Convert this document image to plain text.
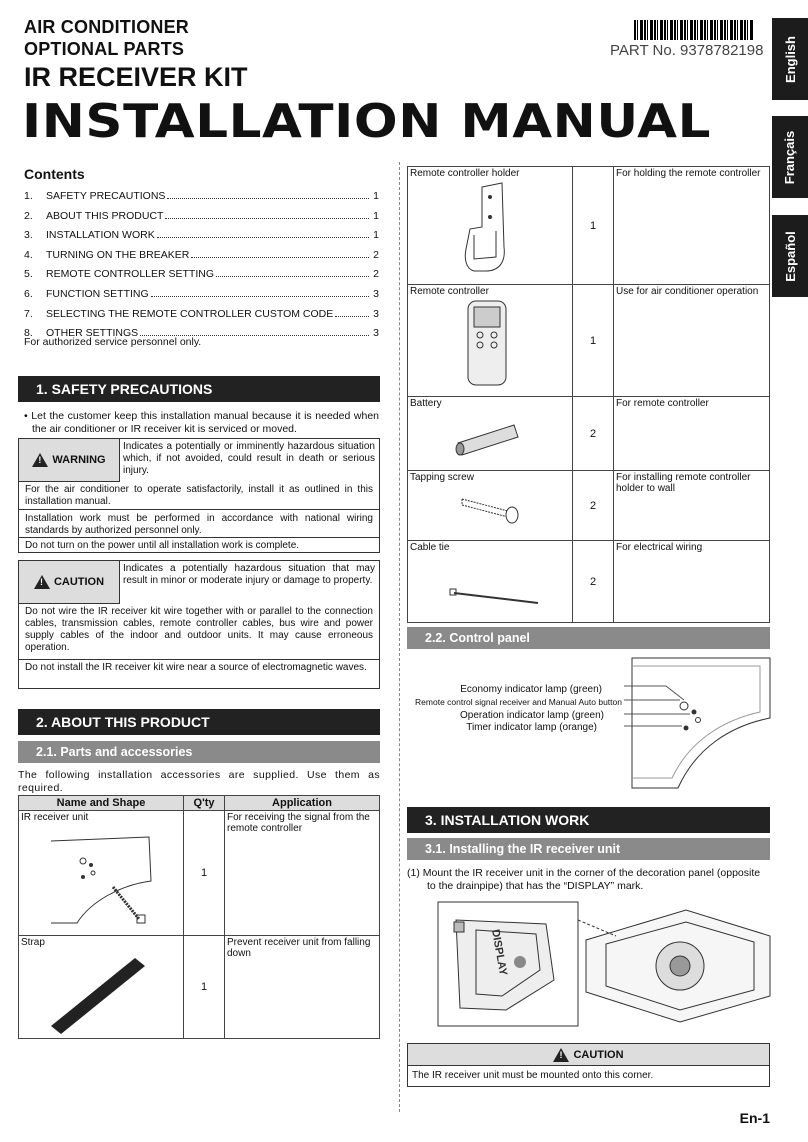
AIR CONDITIONER
OPTIONAL PARTS
IR RECEIVER KIT
INSTALLATION MANUAL
PART No. 9378782198 English
Français
Español
Contents
1.	SAFETY PRECAUTIONS	1
2.	ABOUT THIS PRODUCT	1
3.	INSTALLATION WORK	1
4.	TURNING ON THE BREAKER	2
5.	REMOTE CONTROLLER SETTING	2
6.	FUNCTION SETTING	3
7.	SELECTING THE REMOTE CONTROLLER CUSTOM CODE	3
8.	OTHER SETTINGS	3
For authorized service personnel only.
1. SAFETY PRECAUTIONS
• Let the customer keep this installation manual because it is needed when the air conditioner or IR receiver kit is serviced or moved.
!
WARNING
Indicates a potentially or imminently hazardous situation which, if not avoided, could result in death or serious injury.
For the air conditioner to operate satisfactorily, install it as outlined in this installation manual.
Installation work must be performed in accordance with national wiring standards by authorized personnel only.
Do not turn on the power until all installation work is complete.
!
CAUTION
Indicates a potentially hazardous situation that may result in minor or moderate injury or damage to property.
Do not wire the IR receiver kit wire together with or parallel to the connection cables, transmission cables, remote controller cables, bus wire and power supply cables of the indoor and outdoor units. It may cause erroneous operation.
Do not install the IR receiver kit wire near a source of electromagnetic waves.
2. ABOUT THIS PRODUCT
2.1. Parts and accessories
The following installation accessories are supplied. Use them as required.
Name and Shape	Q'ty	Application

IR receiver unit	1	For receiving the signal from the remote controller

Strap	1	Prevent receiver unit from falling down
Remote controller holder	1	For holding the remote controller

Remote controller	1	Use for air conditioner operation

Battery	2	For remote controller

Tapping screw	2	For installing remote controller holder to wall

Cable tie	2	For electrical wiring
2.2. Control panel
Economy indicator lamp (green)
Remote control signal receiver and Manual Auto button
Operation indicator lamp (green)
Timer indicator lamp (orange)
3. INSTALLATION WORK
3.1. Installing the IR receiver unit
(1) Mount the IR receiver unit in the corner of the decoration panel (opposite to the drainpipe) that has the “DISPLAY” mark.
DISPLAY
!
CAUTION
The IR receiver unit must be mounted onto this corner.
En-1
